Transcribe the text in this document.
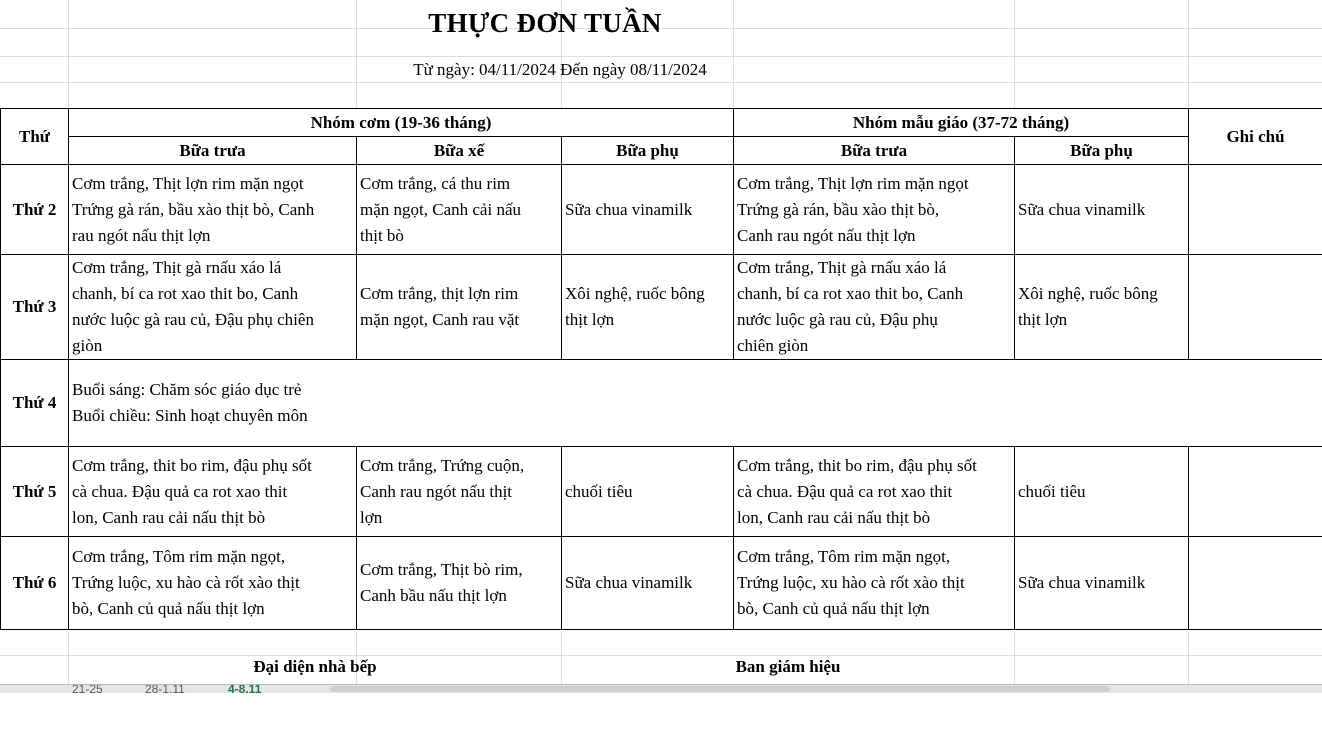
THỰC ĐƠN TUẦN
Từ ngày: 04/11/2024 Đến ngày 08/11/2024
Thứ	Nhóm cơm (19-36 tháng)			Nhóm mẫu giáo (37-72 tháng)		Ghi chú
	Bữa trưa	Bữa xế	Bữa phụ	Bữa trưa	Bữa phụ	
Thứ 2	Cơm trắng, Thịt lợn rim mặn ngọt
Trứng gà rán, bầu xào thịt bò, Canh
rau ngót nấu thịt lợn	Cơm trắng, cá thu rim
mặn ngọt, Canh cải nấu
thịt bò	Sữa chua vinamilk	Cơm trắng, Thịt lợn rim mặn ngọt
Trứng gà rán, bầu xào thịt bò,
Canh rau ngót nấu thịt lợn	Sữa chua vinamilk	

Thứ 3	Cơm trắng, Thịt gà rnấu xáo lá
chanh, bí ca rot xao thit bo, Canh
nước luộc gà rau củ, Đậu phụ chiên
giòn	Cơm trắng, thịt lợn rim
mặn ngọt, Canh rau vặt	Xôi nghệ, ruốc bông
thịt lợn	Cơm trắng, Thịt gà rnấu xáo lá
chanh, bí ca rot xao thit bo, Canh
nước luộc gà rau củ, Đậu phụ
chiên giòn	Xôi nghệ, ruốc bông
thịt lợn	

Thứ 4	Buổi sáng: Chăm sóc giáo dục trẻ
Buổi chiều: Sinh hoạt chuyên môn					

Thứ 5	Cơm trắng, thit bo rim, đậu phụ sốt
cà chua. Đậu quả ca rot xao thit
lon, Canh rau cải nấu thịt bò	Cơm trắng, Trứng cuộn,
Canh rau ngót nấu thịt
lợn	chuối tiêu	Cơm trắng, thit bo rim, đậu phụ sốt
cà chua. Đậu quả ca rot xao thit
lon, Canh rau cải nấu thịt bò	chuối tiêu	

Thứ 6	Cơm trắng, Tôm rim mặn ngọt,
Trứng luộc, xu hào cà rốt xào thịt
bò, Canh củ quả nấu thịt lợn	Cơm trắng, Thịt bò rim,
Canh bầu nấu thịt lợn	Sữa chua vinamilk	Cơm trắng, Tôm rim mặn ngọt,
Trứng luộc, xu hào cà rốt xào thịt
bò, Canh củ quả nấu thịt lợn	Sữa chua vinamilk	

Đại diện nhà bếp	Ban giám hiệu
21-25	28-1.11	4-8.11
